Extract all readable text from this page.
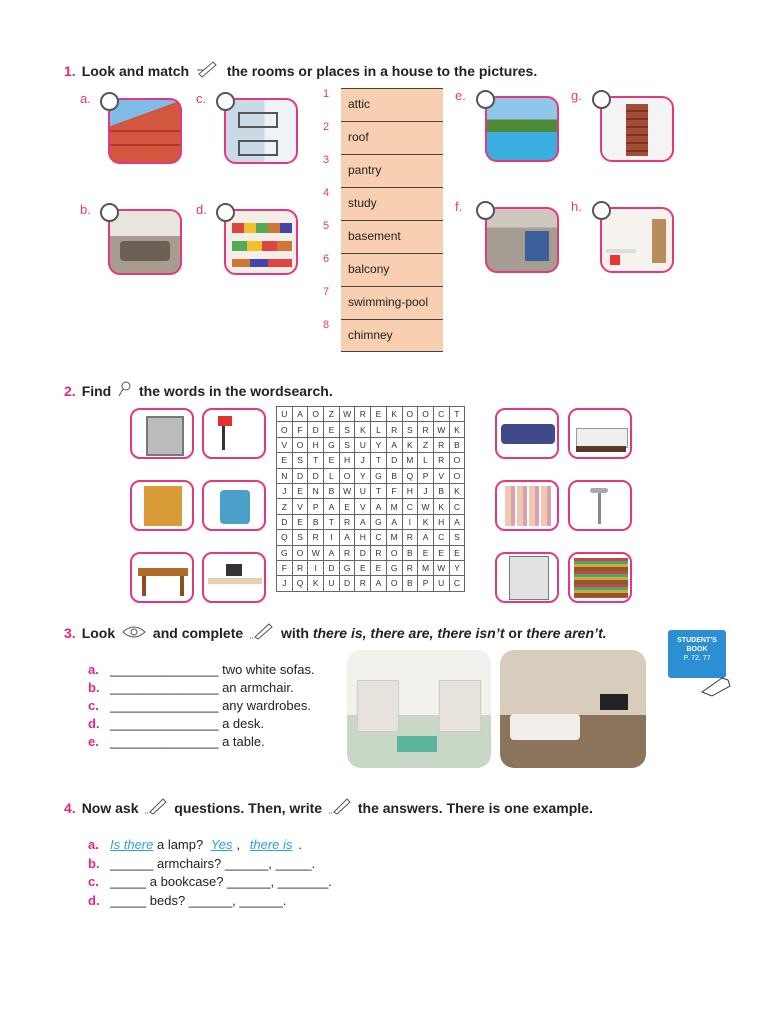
1. Look and match	the rooms or places in a house to the pictures.
a.	c.
b.	d.
1
2
3
4
5
6
7
8
attic
roof
pantry
study
basement
balcony
swimming-pool
chimney
e.	g.
f.	h.
2. Find the words in the wordsearch.
U	A	O	Z	W	R	E	K	O	O	C	T
O	F	D	E	S	K	L	R	S	R	W	K
V	O	H	G	S	U	Y	A	K	Z	R	B
E	S	T	E	H	J	T	D	M	L	R	O
N	D	D	L	O	Y	G	B	Q	P	V	O
J	E	N	B	W	U	T	F	H	J	B	K
Z	V	P	A	E	V	A	M	C	W	K	C
D	E	B	T	R	A	G	A	I	K	H	A
Q	S	R	I	A	H	C	M	R	A	C	S
G	O	W	A	R	D	R	O	B	E	E	E
F	R	I	D	G	E	E	G	R	M	W	Y
J	Q	K	U	D	R	A	O	B	P	U	C
3. Look	and complete	with there is, there are, there isn’t or there aren’t.
a. _______________ two white sofas.
b. _______________ an armchair.
c. _______________ any wardrobes.
d. _______________ a desk.
e. _______________ a table.
STUDENT’S
BOOK
P. 72, 77
4. Now ask	questions. Then, write	the answers. There is one example.
a. Is there a lamp? Yes , there is .
b. ______ armchairs? ______, _____.
c. _____ a bookcase? ______, _______.
d. _____ beds? ______, ______.
